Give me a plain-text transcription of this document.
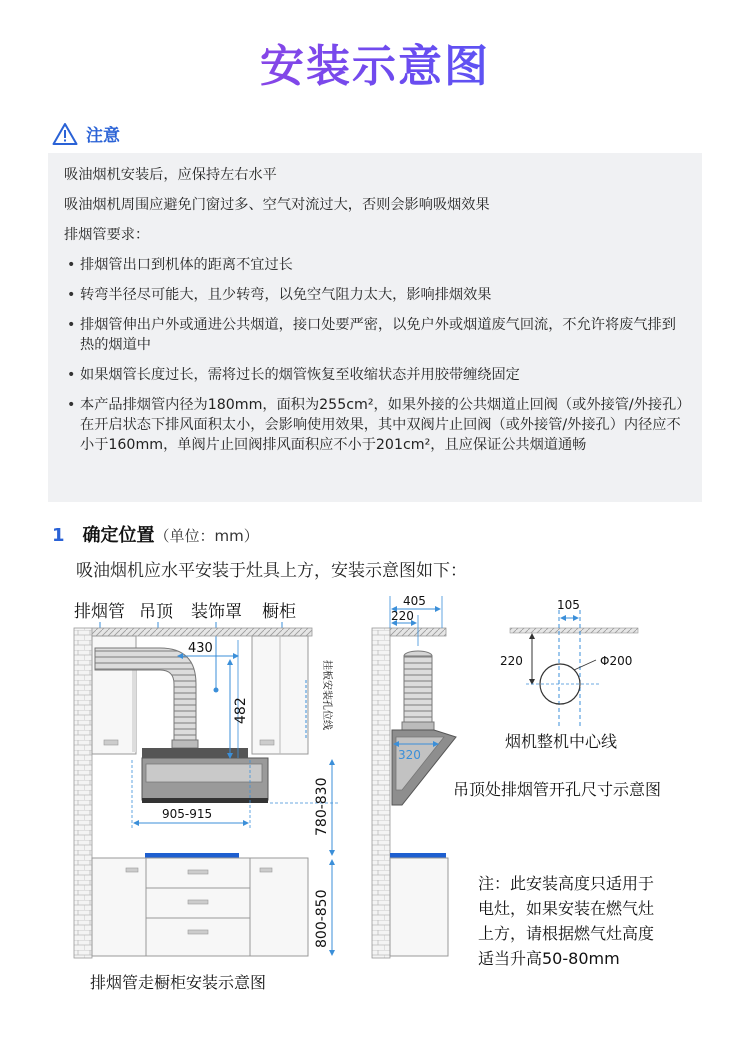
安装示意图
注意

吸油烟机安装后，应保持左右水平

吸油烟机周围应避免门窗过多、空气对流过大，否则会影响吸烟效果

排烟管要求：

• 排烟管出口到机体的距离不宜过长
• 转弯半径尽可能大，且少转弯，以免空气阻力太大，影响排烟效果
• 排烟管伸出户外或通进公共烟道，接口处要严密，以免户外或烟道废气回流，不允许将废气排到热的烟道中
• 如果烟管长度过长，需将过长的烟管恢复至收缩状态并用胶带缠绕固定
• 本产品排烟管内径为180mm，面积为255cm²，如果外接的公共烟道止回阀（或外接管/外接孔）在开启状态下排风面积太小，会影响使用效果，其中双阀片止回阀（或外接管/外接孔）内径应不小于160mm，单阀片止回阀排风面积应不小于201cm²，且应保证公共烟道通畅
1 确定位置（单位：mm）
吸油烟机应水平安装于灶具上方，安装示意图如下：
排烟管 吊顶 装饰罩 橱柜
挂板安装孔位线
430
482
905-915	780-830
800-850
排烟管走橱柜安装示意图
405
220
320
烟机整机中心线
吊顶处排烟管开孔尺寸示意图
105
220	Φ200
注：此安装高度只适用于
电灶，如果安装在燃气灶
上方，请根据燃气灶高度
适当升高50-80mm
